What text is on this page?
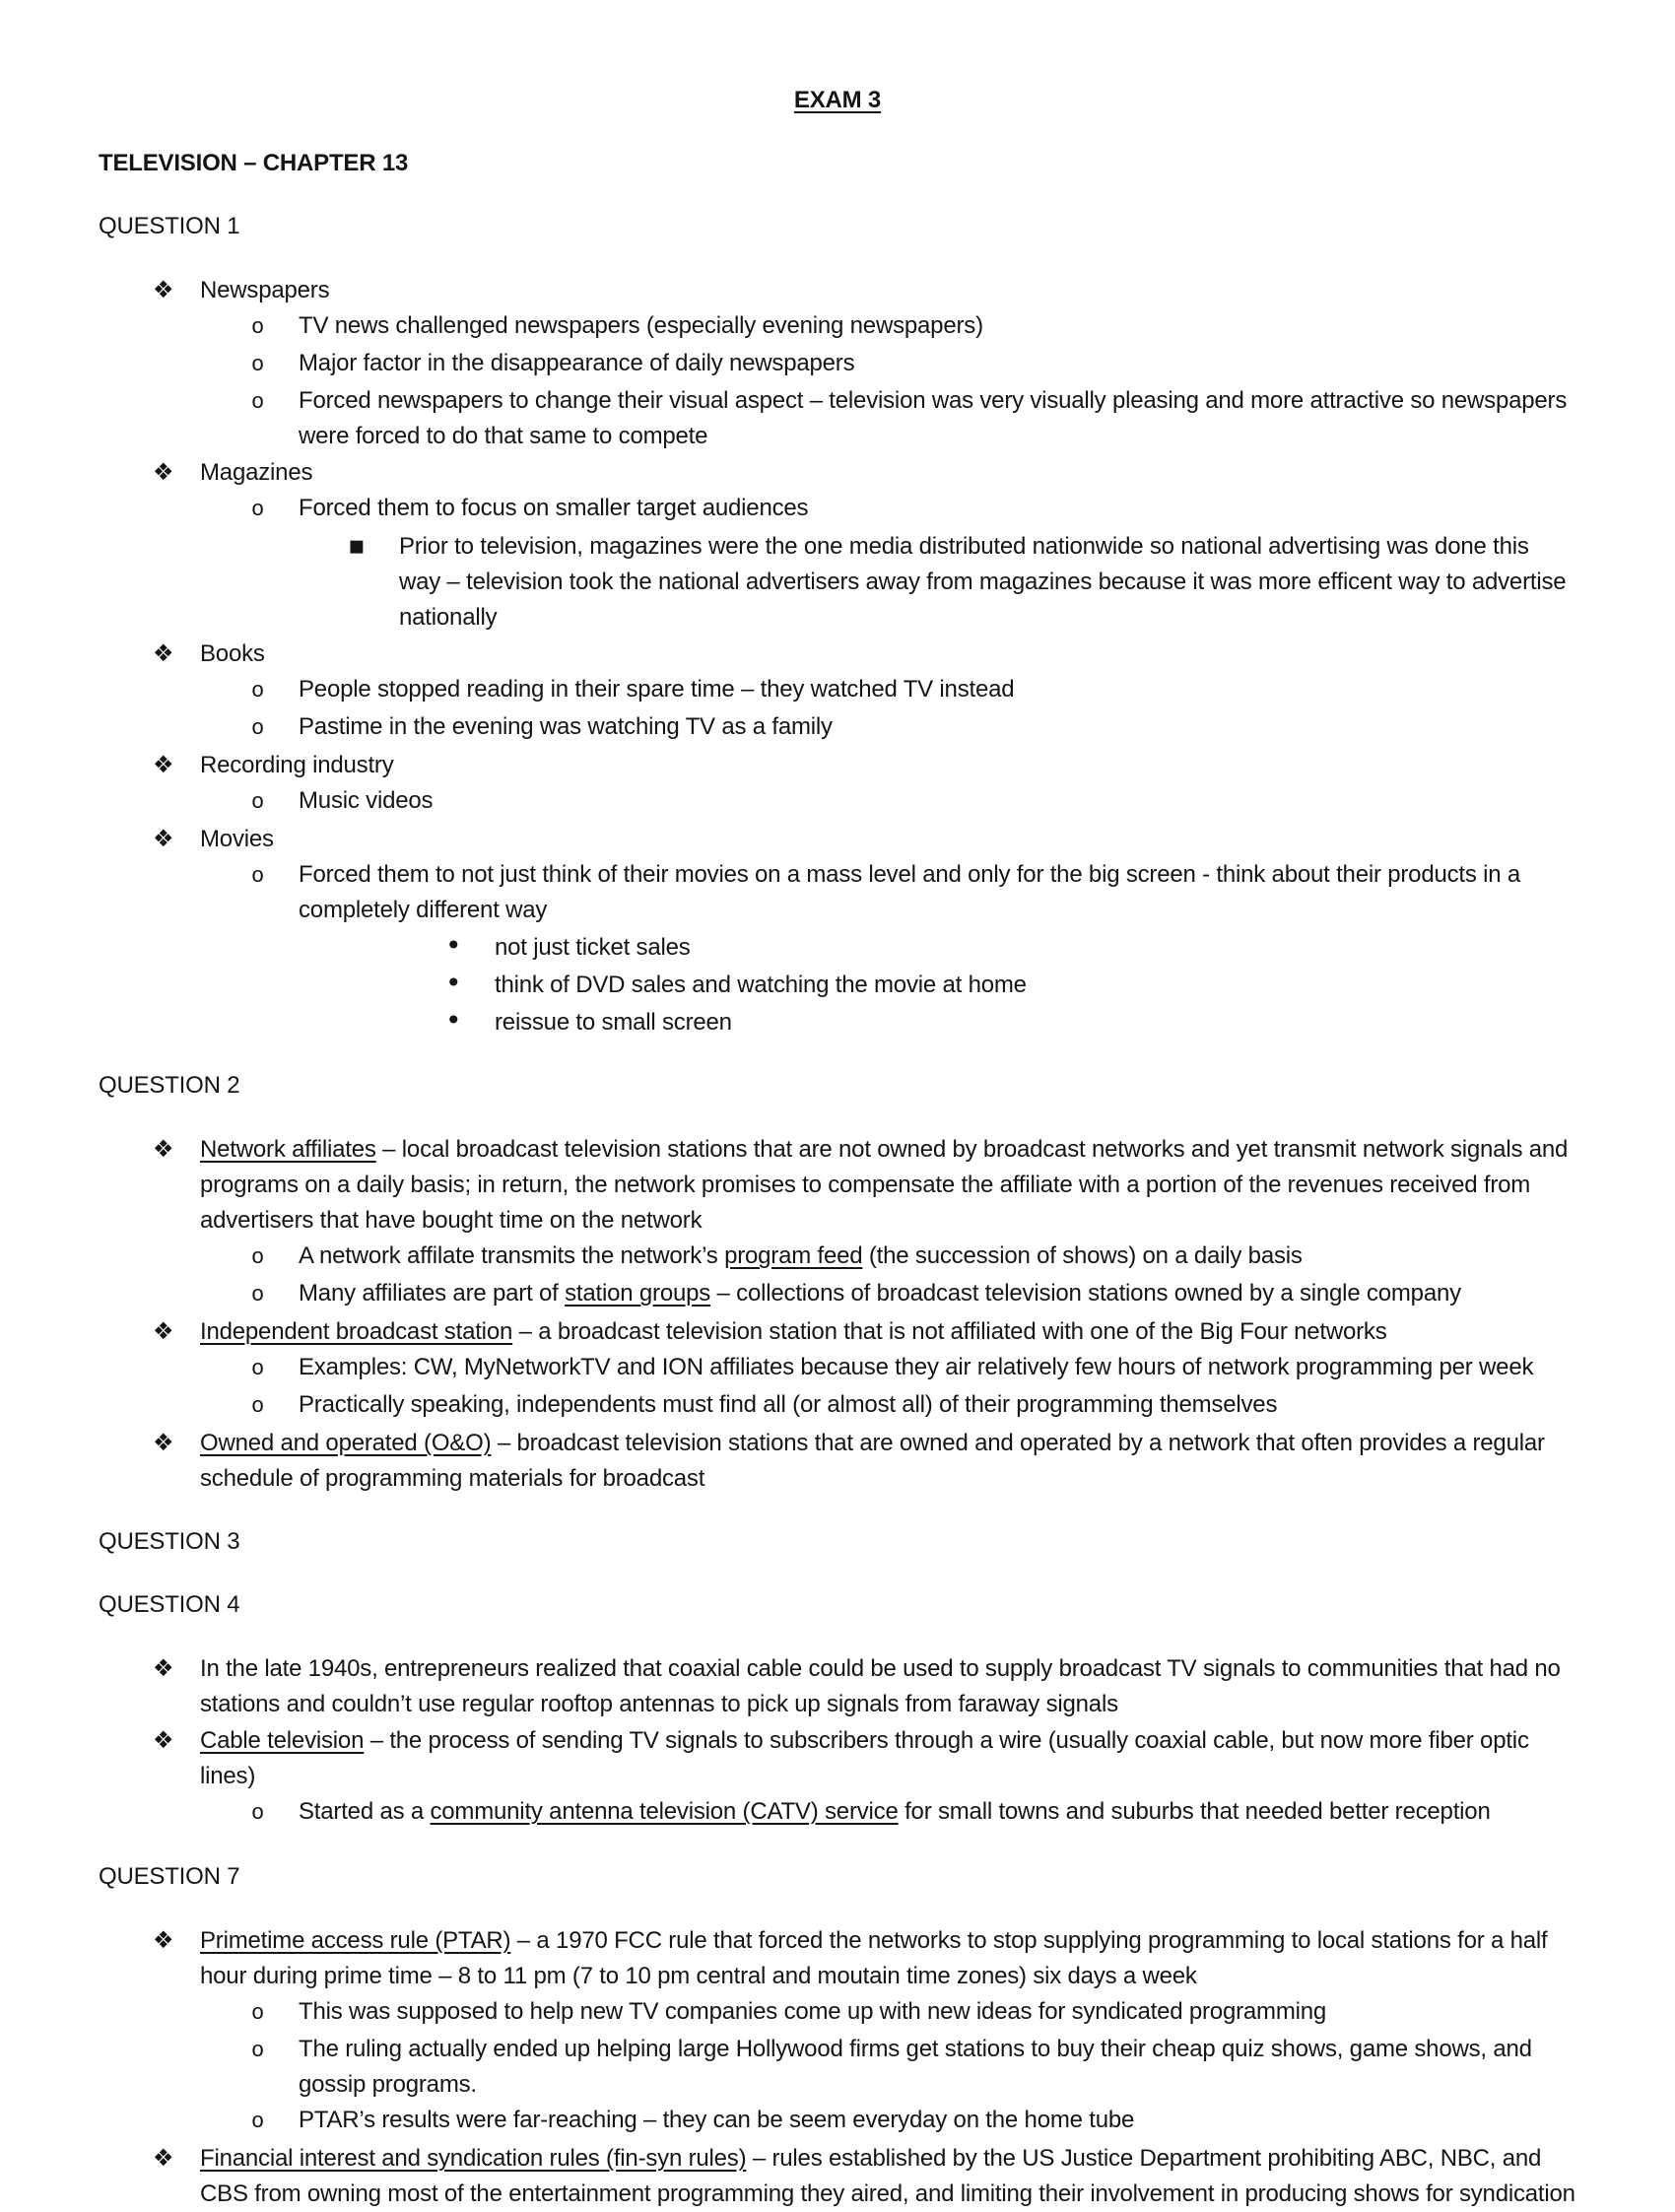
EXAM 3
TELEVISION – CHAPTER 13
QUESTION 1
❖	Newspapers
o	TV news challenged newspapers (especially evening newspapers)
o	Major factor in the disappearance of daily newspapers
o	Forced newspapers to change their visual aspect – television was very visually pleasing and more attractive so newspapers were forced to do that same to compete
❖	Magazines
o	Forced them to focus on smaller target audiences
▪	Prior to television, magazines were the one media distributed nationwide so national advertising was done this way – television took the national advertisers away from magazines because it was more efficent way to advertise nationally
❖	Books
o	People stopped reading in their spare time – they watched TV instead
o	Pastime in the evening was watching TV as a family
❖	Recording industry
o	Music videos
❖	Movies
o	Forced them to not just think of their movies on a mass level and only for the big screen - think about their products in a completely different way
•	not just ticket sales
•	think of DVD sales and watching the movie at home
•	reissue to small screen
QUESTION 2
❖	Network affiliates – local broadcast television stations that are not owned by broadcast networks and yet transmit network signals and programs on a daily basis; in return, the network promises to compensate the affiliate with a portion of the revenues received from advertisers that have bought time on the network
o	A network affilate transmits the network’s program feed (the succession of shows) on a daily basis
o	Many affiliates are part of station groups – collections of broadcast television stations owned by a single company
❖	Independent broadcast station – a broadcast television station that is not affiliated with one of the Big Four networks
o	Examples: CW, MyNetworkTV and ION affiliates because they air relatively few hours of network programming per week
o	Practically speaking, independents must find all (or almost all) of their programming themselves
❖	Owned and operated (O&O) – broadcast television stations that are owned and operated by a network that often provides a regular schedule of programming materials for broadcast
QUESTION 3
QUESTION 4
❖	In the late 1940s, entrepreneurs realized that coaxial cable could be used to supply broadcast TV signals to communities that had no stations and couldn’t use regular rooftop antennas to pick up signals from faraway signals
❖	Cable television – the process of sending TV signals to subscribers through a wire (usually coaxial cable, but now more fiber optic lines)
o	Started as a community antenna television (CATV) service for small towns and suburbs that needed better reception
QUESTION 7
❖	Primetime access rule (PTAR) – a 1970 FCC rule that forced the networks to stop supplying programming to local stations for a half hour during prime time – 8 to 11 pm (7 to 10 pm central and moutain time zones) six days a week
o	This was supposed to help new TV companies come up with new ideas for syndicated programming
o	The ruling actually ended up helping large Hollywood firms get stations to buy their cheap quiz shows, game shows, and gossip programs.
o	PTAR’s results were far-reaching – they can be seem everyday on the home tube
❖	Financial interest and syndication rules (fin-syn rules) – rules established by the US Justice Department prohibiting ABC, NBC, and CBS from owning most of the entertainment programming they aired, and limiting their involvement in producing shows for syndication
